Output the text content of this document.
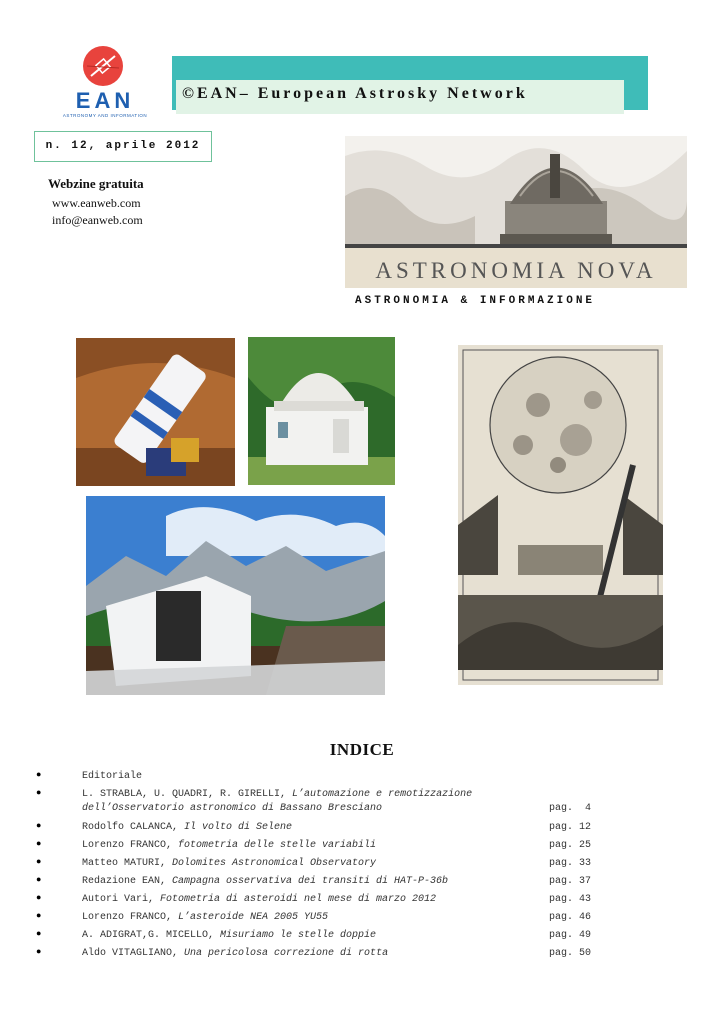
EAN
ASTRONOMY AND INFORMATION
©EAN– European Astrosky Network
n. 12, aprile 2012
Webzine gratuita
www.eanweb.com
info@eanweb.com
ASTRONOMIA NOVA
ASTRONOMIA & INFORMAZIONE
INDICE
●	Editoriale
●	L. STRABLA, U. QUADRI, R. GIRELLI, L’automazione e remotizzazione
dell’Osservatorio astronomico di Bassano Bresciano	pag.  4
●	Rodolfo CALANCA, Il volto di Selene	pag. 12
●	Lorenzo FRANCO, fotometria delle stelle variabili	pag. 25
●	Matteo MATURI, Dolomites Astronomical Observatory	pag. 33
●	Redazione EAN, Campagna osservativa dei transiti di HAT-P-36b	pag. 37
●	Autori Vari, Fotometria di asteroidi nel mese di marzo 2012	pag. 43
●	Lorenzo FRANCO, L’asteroide NEA 2005 YU55	pag. 46
●	A. ADIGRAT,G. MICELLO, Misuriamo le stelle doppie	pag. 49
●	Aldo VITAGLIANO, Una pericolosa correzione di rotta	pag. 50
